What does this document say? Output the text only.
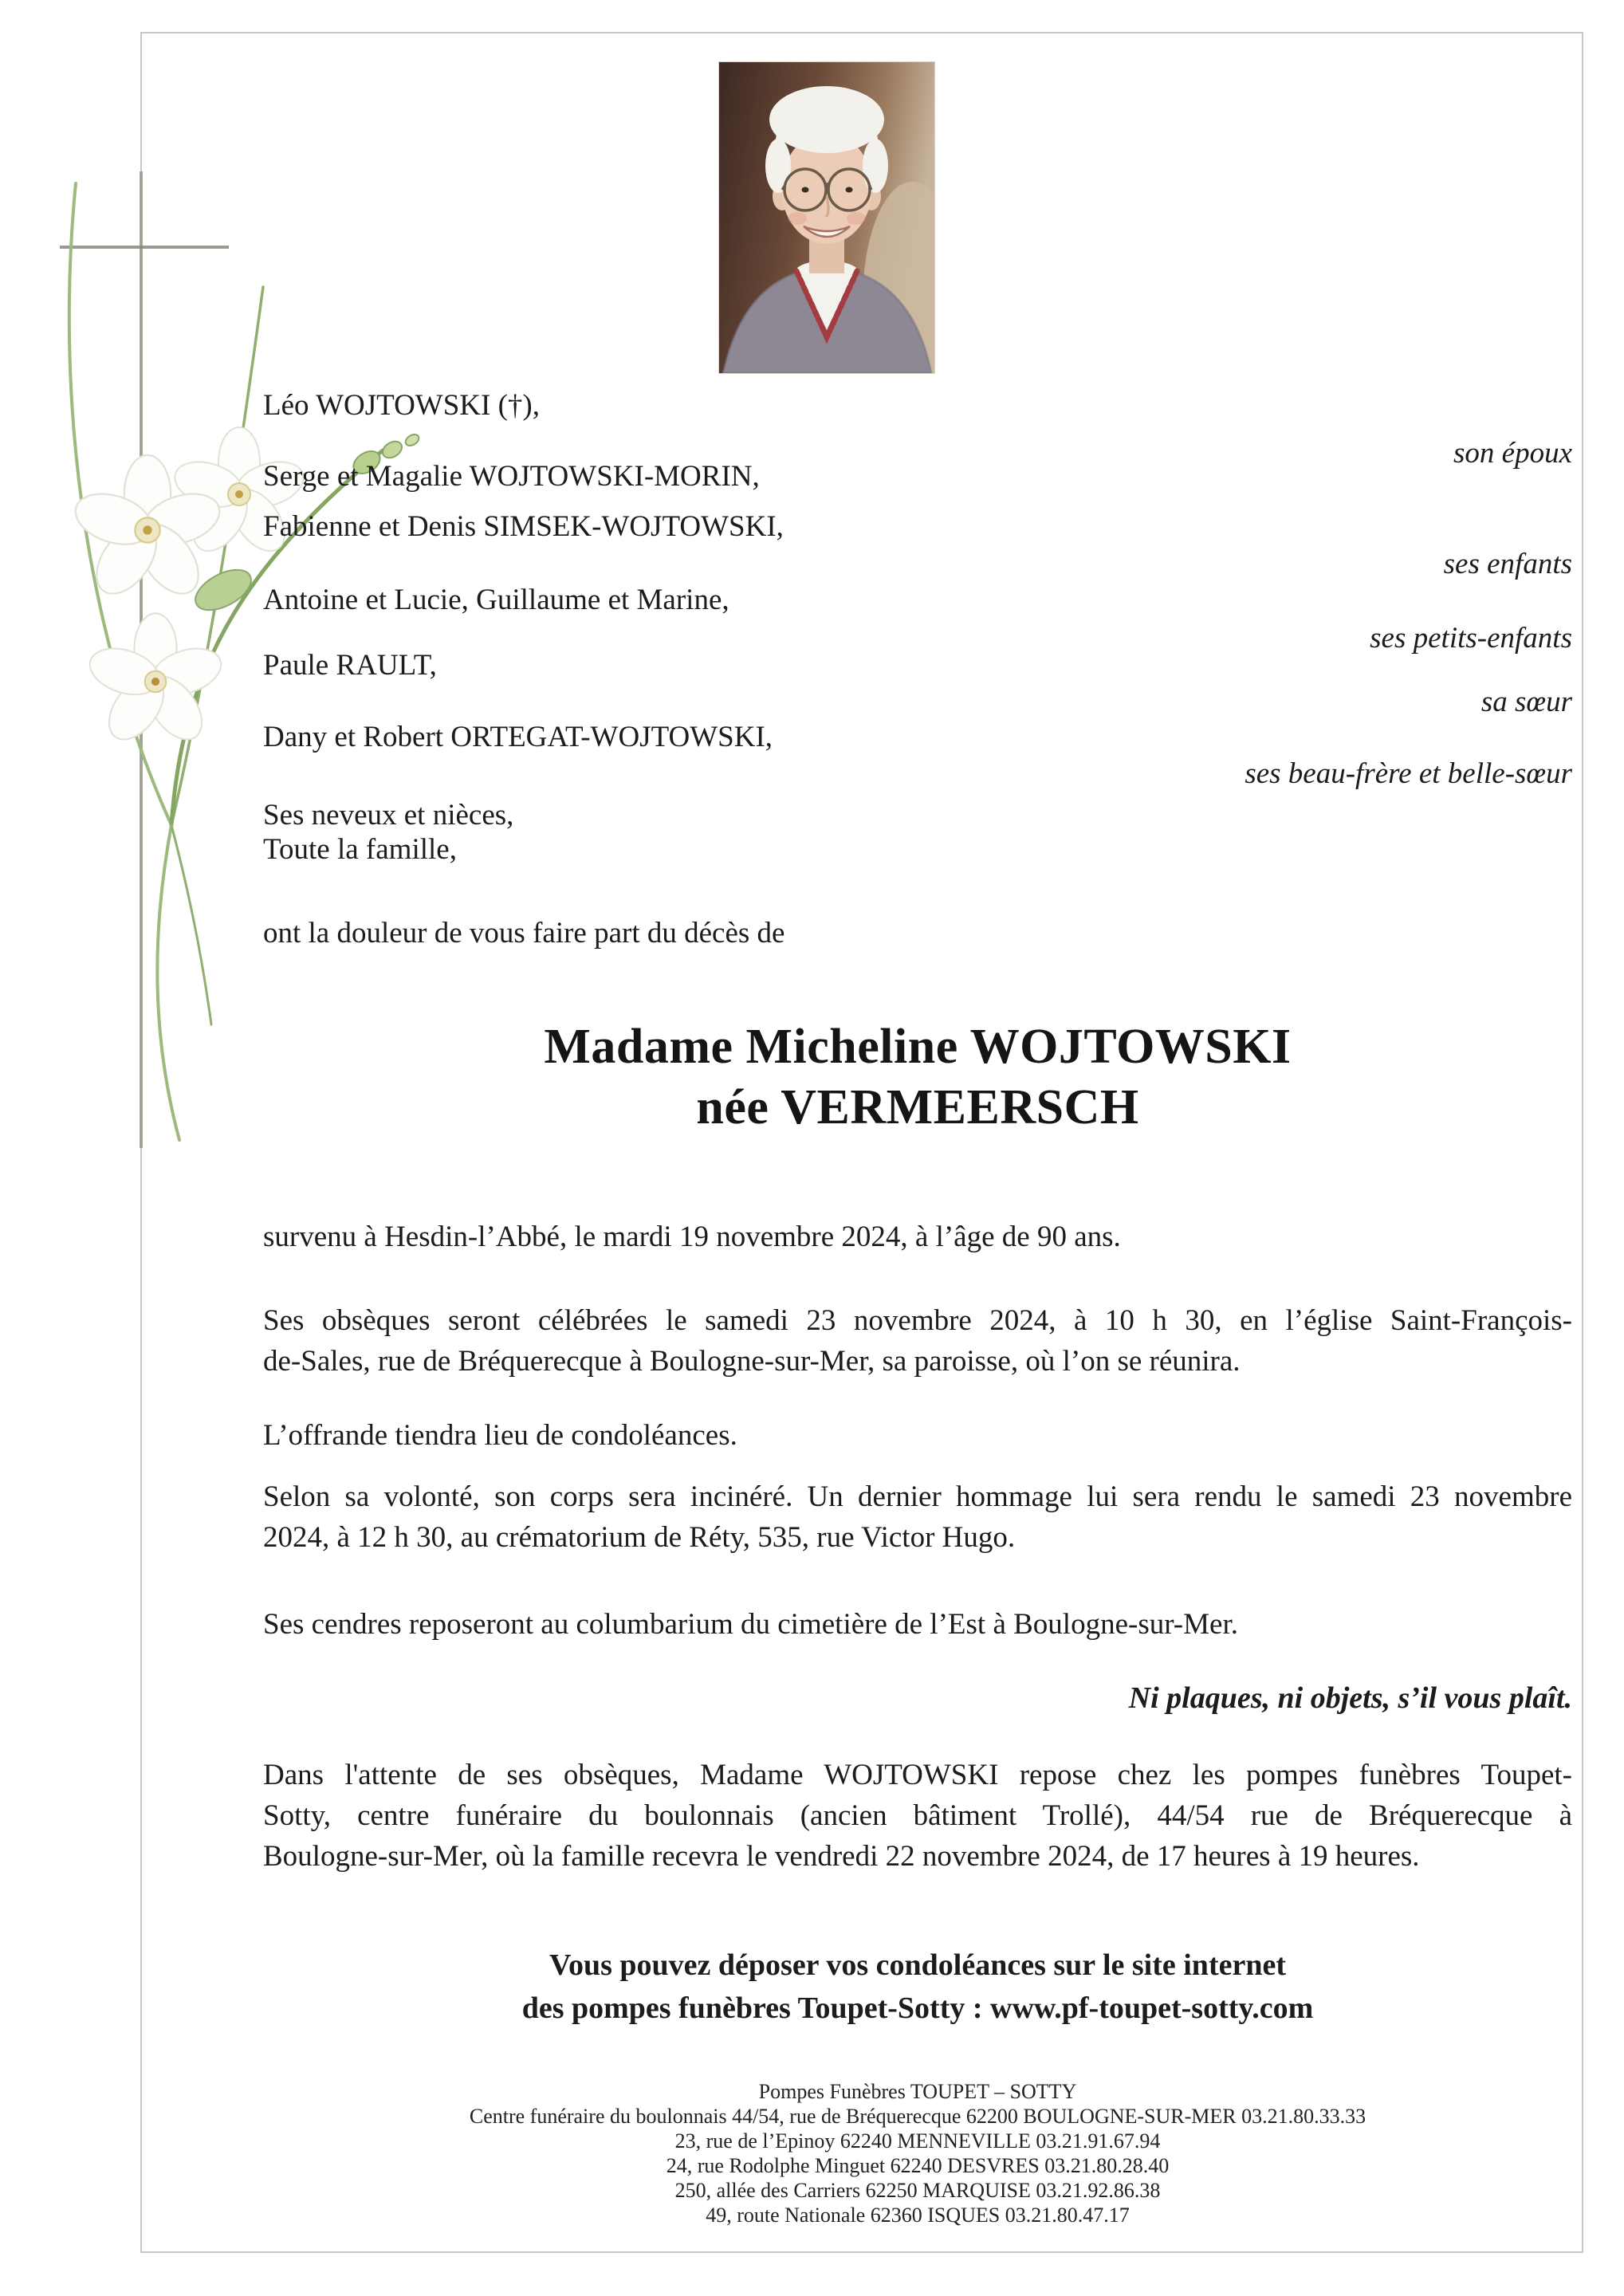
Léo WOJTOWSKI (†),
son époux
Serge et Magalie WOJTOWSKI-MORIN,
Fabienne et Denis SIMSEK-WOJTOWSKI,
ses enfants
Antoine et Lucie, Guillaume et Marine,
ses petits-enfants
Paule RAULT,
sa sœur
Dany et Robert ORTEGAT-WOJTOWSKI,
ses beau-frère et belle-sœur
Ses neveux et nièces,
Toute la famille,
ont la douleur de vous faire part du décès de
Madame Micheline WOJTOWSKI
née VERMEERSCH
survenu à Hesdin-l’Abbé, le mardi 19 novembre 2024, à l’âge de 90 ans.
Ses obsèques seront célébrées le samedi 23 novembre 2024, à 10 h 30, en l’église Saint-François-
de-Sales, rue de Bréquerecque à Boulogne-sur-Mer, sa paroisse, où l’on se réunira.
L’offrande tiendra lieu de condoléances.
Selon sa volonté, son corps sera incinéré. Un dernier hommage lui sera rendu le samedi 23 novembre
2024, à 12 h 30, au crématorium de Réty, 535, rue Victor Hugo.
Ses cendres reposeront au columbarium du cimetière de l’Est à Boulogne-sur-Mer.
Ni plaques, ni objets, s’il vous plaît.
Dans l'attente de ses obsèques, Madame WOJTOWSKI repose chez les pompes funèbres Toupet-
Sotty, centre funéraire du boulonnais (ancien bâtiment Trollé), 44/54 rue de Bréquerecque à
Boulogne-sur-Mer, où la famille recevra le vendredi 22 novembre 2024, de 17 heures à 19 heures.
Vous pouvez déposer vos condoléances sur le site internet
des pompes funèbres Toupet-Sotty : www.pf-toupet-sotty.com
Pompes Funèbres TOUPET – SOTTY
Centre funéraire du boulonnais 44/54, rue de Bréquerecque 62200 BOULOGNE-SUR-MER 03.21.80.33.33
23, rue de l’Epinoy 62240 MENNEVILLE 03.21.91.67.94
24, rue Rodolphe Minguet 62240 DESVRES 03.21.80.28.40
250, allée des Carriers 62250 MARQUISE 03.21.92.86.38
49, route Nationale 62360 ISQUES 03.21.80.47.17
